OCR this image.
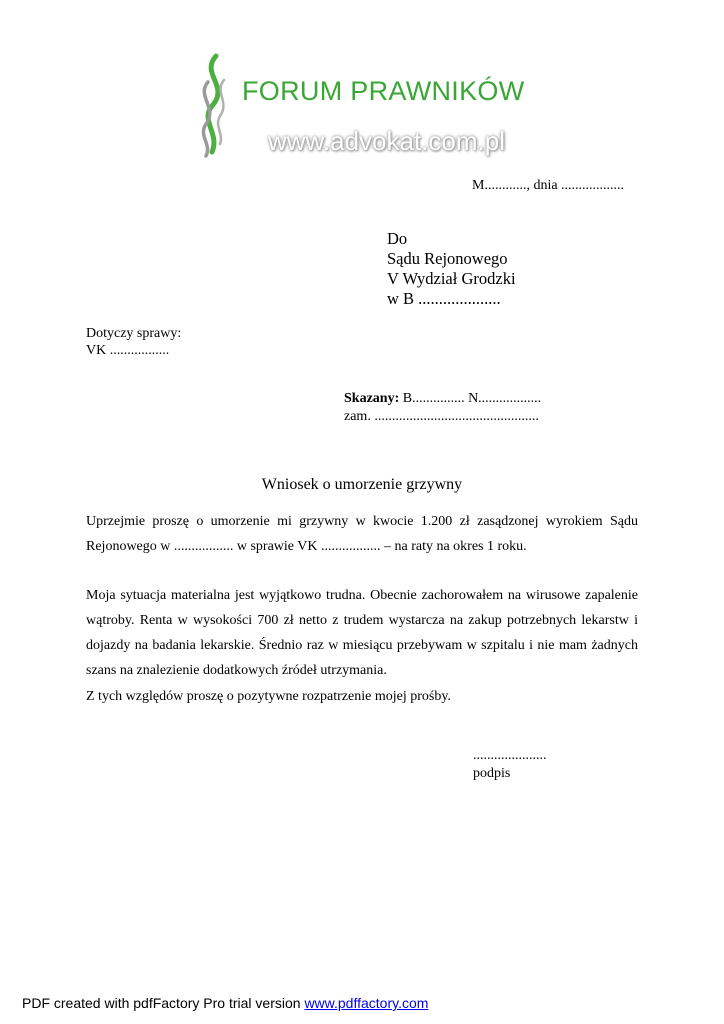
FORUM PRAWNIKÓW
www.advokat.com.pl
M............, dnia ..................
Do
Sądu Rejonowego
V Wydział Grodzki
w B ....................
Dotyczy sprawy:
VK .................
Skazany: B............... N..................
zam. ...............................................
Wniosek o umorzenie grzywny
Uprzejmie proszę o umorzenie mi grzywny w kwocie 1.200 zł zasądzonej wyrokiem Sądu Rejonowego w ................. w sprawie VK ................. – na raty na okres 1 roku.
Moja sytuacja materialna jest wyjątkowo trudna. Obecnie zachorowałem na wirusowe zapalenie wątroby. Renta w wysokości 700 zł netto z trudem wystarcza na zakup potrzebnych lekarstw i dojazdy na badania lekarskie. Średnio raz w miesiącu przebywam w szpitalu i nie mam żadnych szans na znalezienie dodatkowych źródeł utrzymania.
Z tych względów proszę o pozytywne rozpatrzenie mojej prośby.
.....................
podpis
PDF created with pdfFactory Pro trial version www.pdffactory.com
